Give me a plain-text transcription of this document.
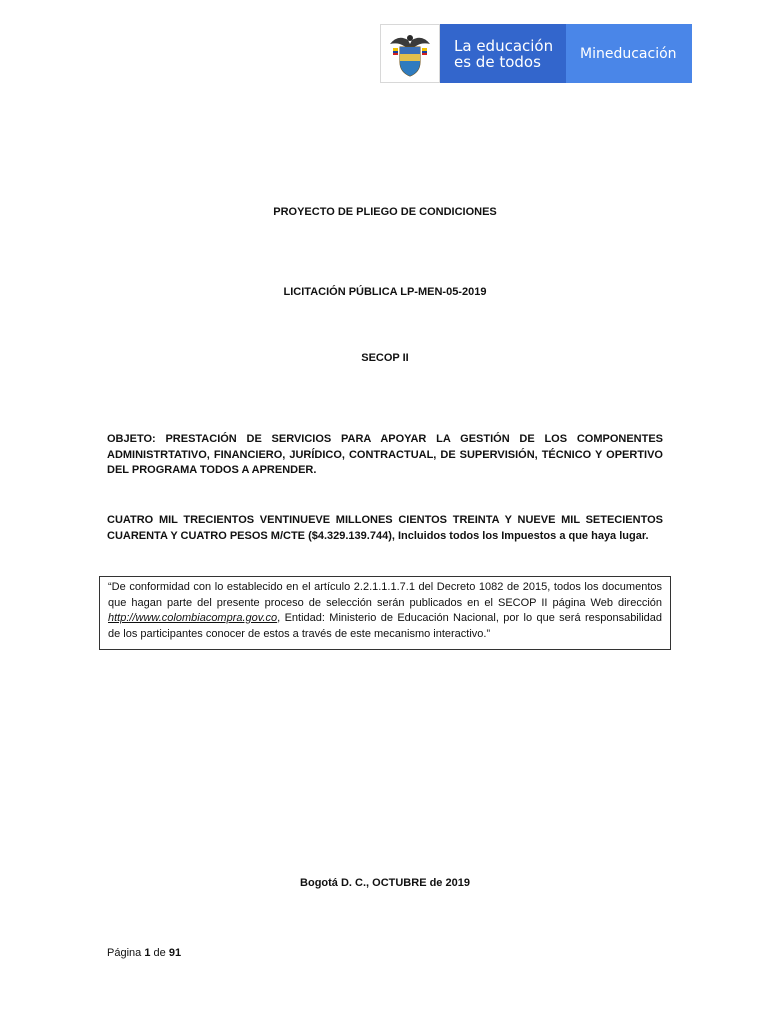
La educación
es de todos	Mineducación
PROYECTO DE PLIEGO DE CONDICIONES
LICITACIÓN PÚBLICA LP-MEN-05-2019
SECOP II
OBJETO: PRESTACIÓN DE SERVICIOS PARA APOYAR LA GESTIÓN DE LOS COMPONENTES ADMINISTRTATIVO, FINANCIERO, JURÍDICO, CONTRACTUAL, DE SUPERVISIÓN, TÉCNICO Y OPERTIVO DEL PROGRAMA TODOS A APRENDER.
CUATRO MIL TRECIENTOS VENTINUEVE MILLONES CIENTOS TREINTA Y NUEVE MIL SETECIENTOS CUARENTA Y CUATRO PESOS M/CTE ($4.329.139.744), Incluidos todos los Impuestos a que haya lugar.
“De conformidad con lo establecido en el artículo 2.2.1.1.1.7.1 del Decreto 1082 de 2015, todos los documentos que hagan parte del presente proceso de selección serán publicados en el SECOP II página Web dirección http://www.colombiacompra.gov.co, Entidad: Ministerio de Educación Nacional, por lo que será responsabilidad de los participantes conocer de estos a través de este mecanismo interactivo.”
Bogotá D. C., OCTUBRE de 2019
Página 1 de 91
